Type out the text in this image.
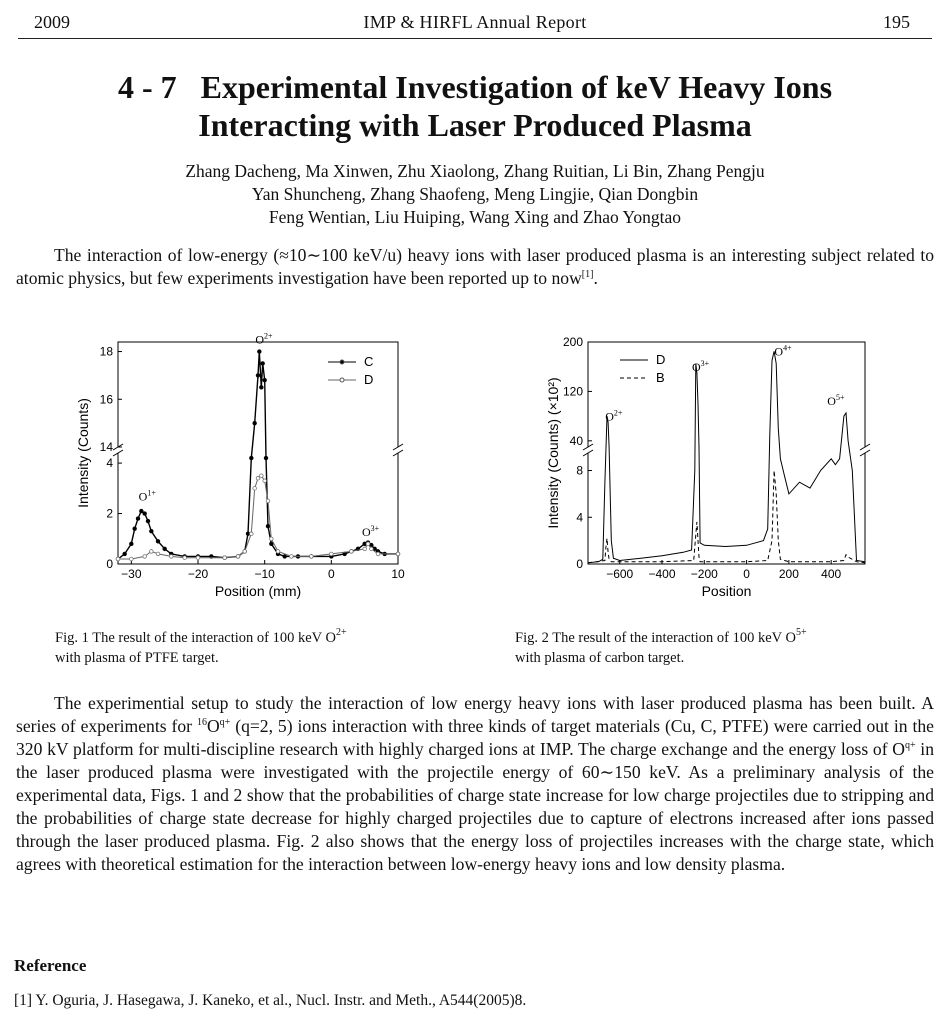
2009	IMP & HIRFL Annual Report	195
4 - 7   Experimental Investigation of keV Heavy Ions
Interacting with Laser Produced Plasma
Zhang Dacheng, Ma Xinwen, Zhu Xiaolong, Zhang Ruitian, Li Bin, Zhang Pengju
Yan Shuncheng, Zhang Shaofeng, Meng Lingjie, Qian Dongbin
Feng Wentian, Liu Huiping, Wang Xing and Zhao Yongtao

The interaction of low-energy (≈10∼100 keV/u) heavy ions with laser produced plasma is an interesting subject related to atomic physics, but few experiments investigation have been reported up to now[1].

−30	−20	−10	0	10
0
2
4
14
16
18
Position (mm)
Intensity (Counts)
C
D
$O^{1+}$
$O^{2+}$
$O^{3+}$
−600 −400 −200 0 200 400
0
4
8
40
120
200
Position
Intensity (Counts) (×10²)
D
B
$O^{2+}$
$O^{3+}$
$O^{4+}$
$O^{5+}$
Fig. 1 The result of the interaction of 100 keV $O^{2+}$
with plasma of PTFE target.
Fig. 2 The result of the interaction of 100 keV $O^{5+}$
with plasma of carbon target.

The experimential setup to study the interaction of low energy heavy ions with laser produced plasma has been built. A series of experiments for $^{16}O^{q+}$ (q=2, 5) ions interaction with three kinds of target materials (Cu, C, PTFE) were carried out in the 320 kV platform for multi-discipline research with highly charged ions at IMP. The charge exchange and the energy loss of $O^{q+}$ in the laser produced plasma were investigated with the projectile energy of 60∼150 keV. As a preliminary analysis of the experimental data, Figs. 1 and 2 show that the probabilities of charge state increase for low charge projectiles due to stripping and the probabilities of charge state decrease for highly charged projectiles due to capture of electrons increased after ions passed through the laser produced plasma. Fig. 2 also shows that the energy loss of projectiles increases with the charge state, which agrees with theoretical estimation for the interaction between low-energy heavy ions and low density plasma.

Reference
[1] Y. Oguria, J. Hasegawa, J. Kaneko, et al., Nucl. Instr. and Meth., A544(2005)8.
